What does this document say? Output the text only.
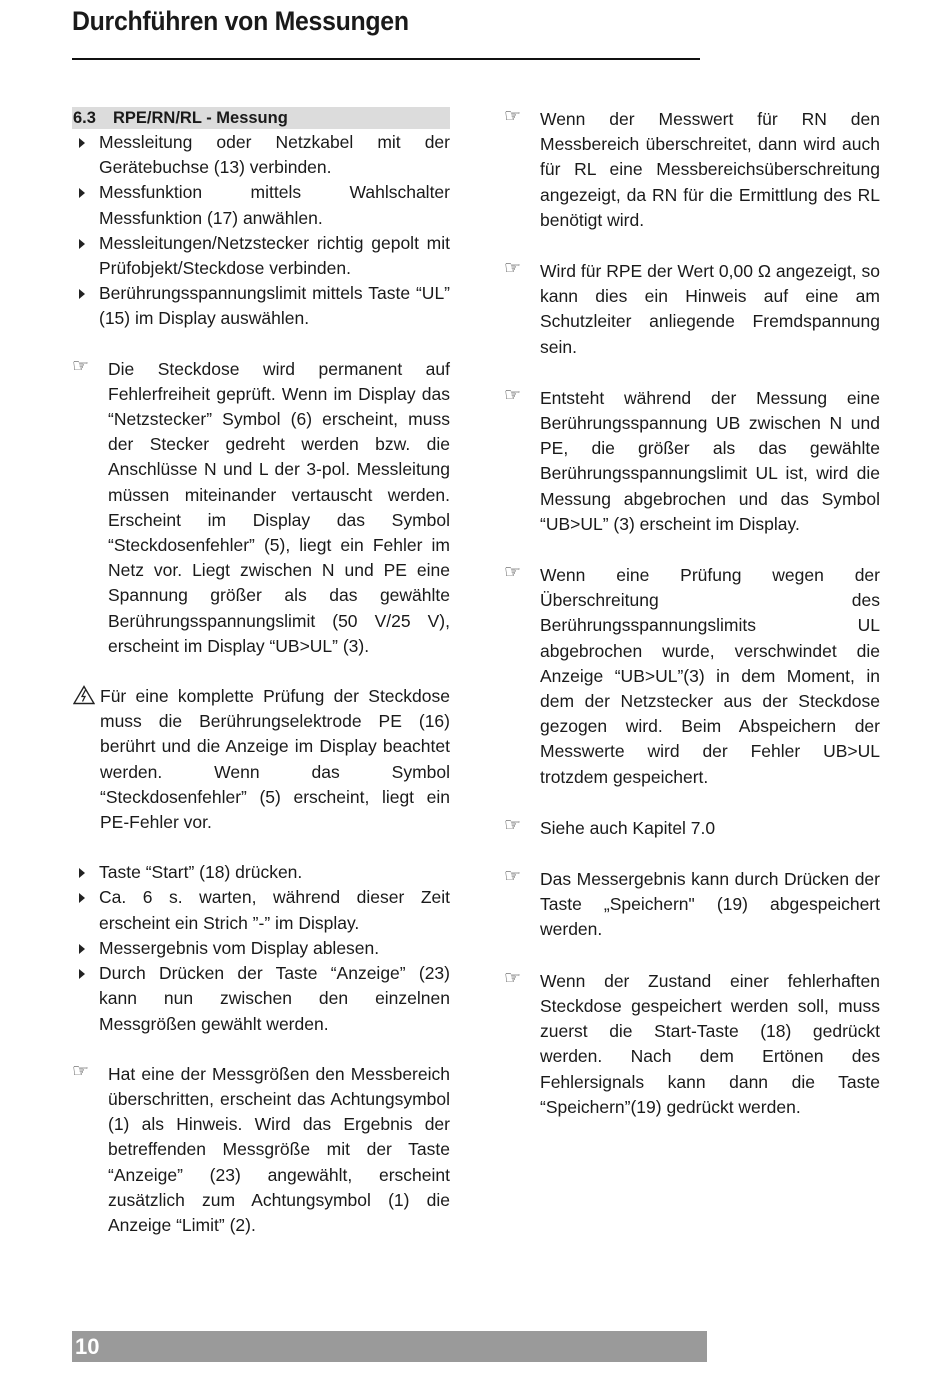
Durchführen von Messungen
6.3 RPE/RN/RL - Messung
Messleitung oder Netzkabel mit der Gerätebuchse (13) verbinden.
Messfunktion mittels Wahlschalter Messfunktion (17) anwählen.
Messleitungen/Netzstecker richtig gepolt mit Prüfobjekt/Steckdose verbinden.
Berührungsspannungslimit mittels Taste “UL” (15) im Display auswählen.
☞ Die Steckdose wird permanent auf Fehlerfreiheit geprüft. Wenn im Display das “Netzstecker” Symbol (6) erscheint, muss der Stecker gedreht werden bzw. die Anschlüsse N und L der 3-pol. Messleitung müssen miteinander vertauscht werden. Erscheint im Display das Symbol “Steckdosenfehler” (5), liegt ein Fehler im Netz vor. Liegt zwischen N und PE eine Spannung größer als das gewählte Berührungsspannungslimit (50 V/25 V), erscheint im Display “UB>UL” (3).
Für eine komplette Prüfung der Steckdose muss die Berührungselektrode PE (16) berührt und die Anzeige im Display beachtet werden. Wenn das Symbol “Steckdosenfehler” (5) erscheint, liegt ein PE-Fehler vor.
Taste “Start” (18) drücken.
Ca. 6 s. warten, während dieser Zeit erscheint ein Strich ”-” im Display.
Messergebnis vom Display ablesen.
Durch Drücken der Taste “Anzeige” (23) kann nun zwischen den einzelnen Messgrößen gewählt werden.
☞ Hat eine der Messgrößen den Messbereich überschritten, erscheint das Achtungsymbol (1) als Hinweis. Wird das Ergebnis der betreffenden Messgröße mit der Taste “Anzeige” (23) angewählt, erscheint zusätzlich zum Achtungsymbol (1) die Anzeige “Limit” (2).
☞ Wenn der Messwert für RN den Messbereich überschreitet, dann wird auch für RL eine Messbereichsüberschreitung angezeigt, da RN für die Ermittlung des RL benötigt wird.
☞ Wird für RPE der Wert 0,00 Ω angezeigt, so kann dies ein Hinweis auf eine am Schutzleiter anliegende Fremdspannung sein.
☞ Entsteht während der Messung eine Berührungsspannung UB zwischen N und PE, die größer als das gewählte Berührungsspannungslimit UL ist, wird die Messung abgebrochen und das Symbol “UB>UL” (3) erscheint im Display.
☞ Wenn eine Prüfung wegen der Überschreitung des Berührungsspannungslimits UL abgebrochen wurde, verschwindet die Anzeige “UB>UL”(3) in dem Moment, in dem der Netzstecker aus der Steckdose gezogen wird. Beim Abspeichern der Messwerte wird der Fehler UB>UL trotzdem gespeichert.
☞ Siehe auch Kapitel 7.0
☞ Das Messergebnis kann durch Drücken der Taste „Speichern" (19) abgespeichert werden.
☞ Wenn der Zustand einer fehlerhaften Steckdose gespeichert werden soll, muss zuerst die Start-Taste (18) gedrückt werden. Nach dem Ertönen des Fehlersignals kann dann die Taste “Speichern”(19) gedrückt werden.
10
